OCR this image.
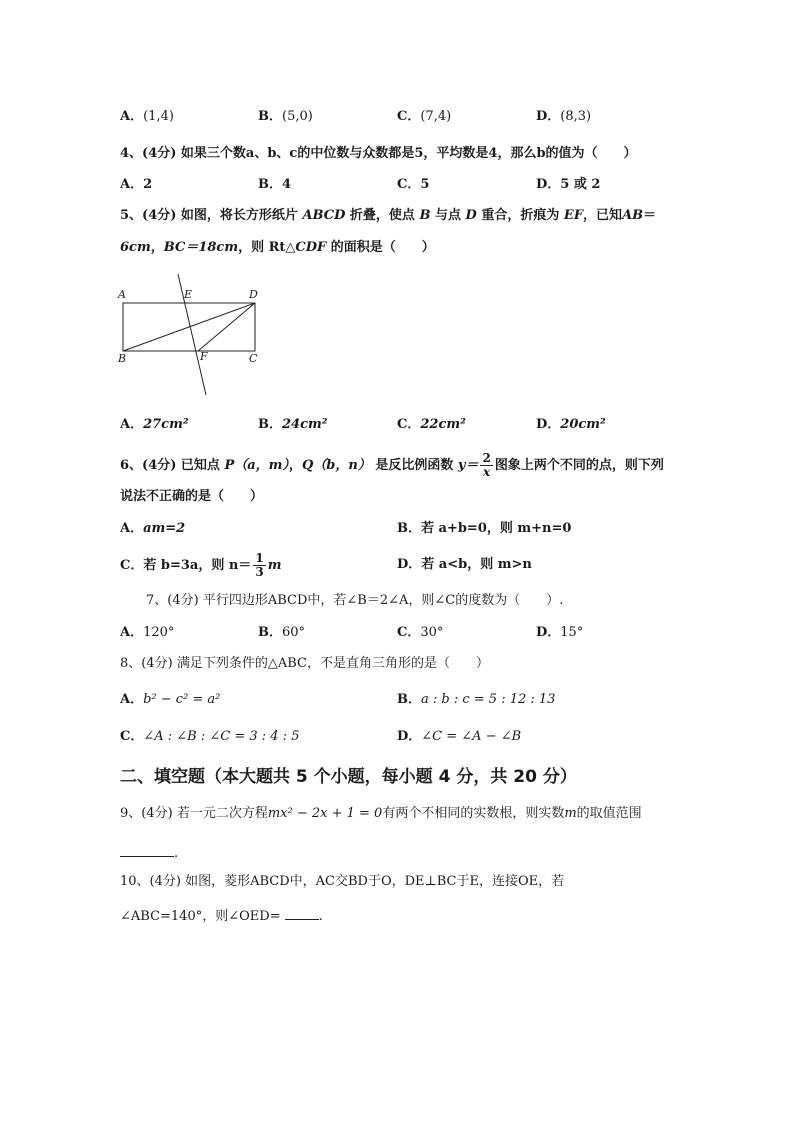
A．(1,4)	B．(5,0)	C．(7,4)	D．(8,3)
4、(4分) 如果三个数a、b、c的中位数与众数都是5，平均数是4，那么b的值为（　　）
A．2	B．4	C．5	D．5 或 2
5、(4分) 如图，将长方形纸片 ABCD 折叠，使点 B 与点 D 重合，折痕为 EF，已知AB＝
6cm，BC＝18cm，则 Rt△CDF 的面积是（　　）
A	E	D
B	F	C
A．27cm²	B．24cm²	C．22cm²	D．20cm²
6、(4分) 已知点 P（a，m），Q（b，n） 是反比例函数 $y= \frac{2}{x}$ 图象上两个不同的点，则下列
说法不正确的是（　　）
A．am=2	B．若 a+b=0，则 m+n=0
C．若 b=3a，则 $n= \frac{1}{3}$ m	D．若 a<b，则 m>n
7、(4分) 平行四边形ABCD中，若∠B＝2∠A，则∠C的度数为（　　）.
A．120°	B．60°	C．30°	D．15°
8、(4分) 满足下列条件的△ABC，不是直角三角形的是（　　）
A．b² − c² = a²	B．a : b : c = 5 : 12 : 13
C．∠A : ∠B : ∠C = 3 : 4 : 5	D．∠C = ∠A − ∠B
二、填空题（本大题共 5 个小题，每小题 4 分，共 20 分）
9、(4分) 若一元二次方程mx² − 2x + 1 = 0有两个不相同的实数根，则实数m的取值范围
.
10、(4分) 如图，菱形ABCD中，AC交BD于O，DE⊥BC于E，连接OE，若
∠ABC=140°，则∠OED=	.
